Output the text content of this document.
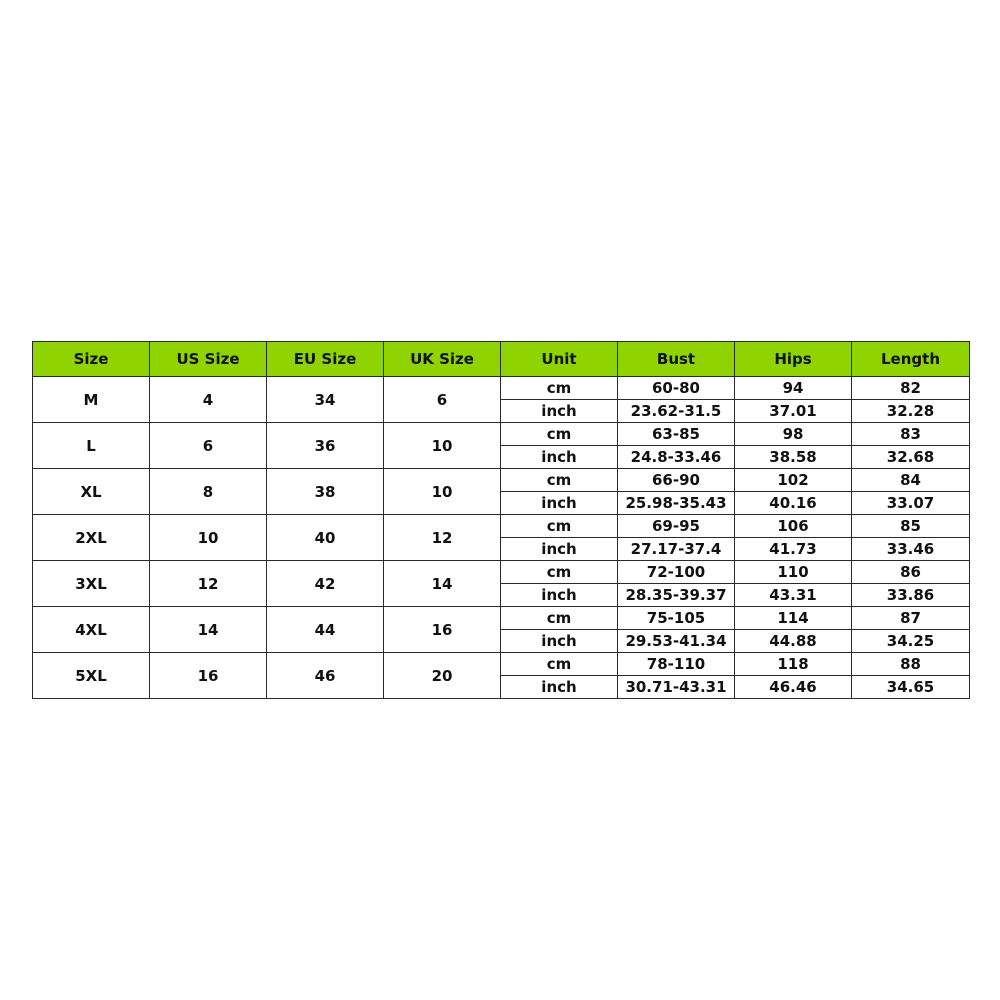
Size	US Size	EU Size	UK Size	Unit	Bust	Hips	Length
M	4	34	6	cm	60-80	94	82
				inch	23.62-31.5	37.01	32.28
L	6	36	10	cm	63-85	98	83
				inch	24.8-33.46	38.58	32.68
XL	8	38	10	cm	66-90	102	84
				inch	25.98-35.43	40.16	33.07
2XL	10	40	12	cm	69-95	106	85
				inch	27.17-37.4	41.73	33.46
3XL	12	42	14	cm	72-100	110	86
				inch	28.35-39.37	43.31	33.86
4XL	14	44	16	cm	75-105	114	87
				inch	29.53-41.34	44.88	34.25
5XL	16	46	20	cm	78-110	118	88
				inch	30.71-43.31	46.46	34.65
